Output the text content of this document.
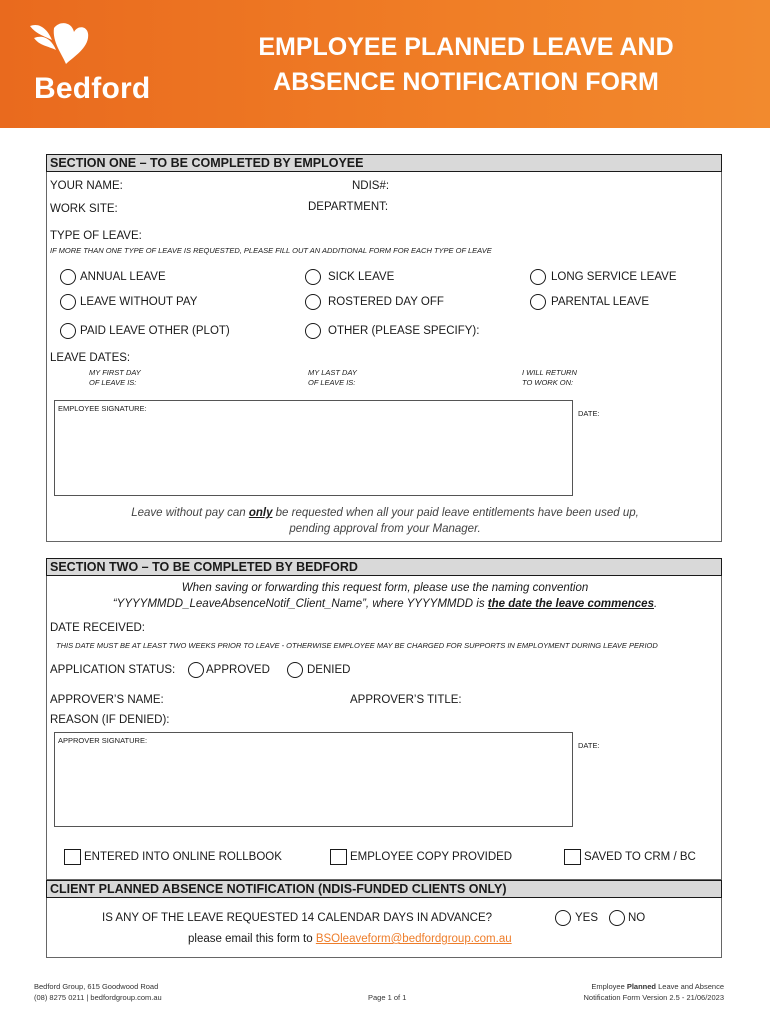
Bedford
EMPLOYEE PLANNED LEAVE AND
ABSENCE NOTIFICATION FORM
SECTION ONE – TO BE COMPLETED BY EMPLOYEE
YOUR NAME:	NDIS#:
WORK SITE:	DEPARTMENT:
TYPE OF LEAVE:
IF MORE THAN ONE TYPE OF LEAVE IS REQUESTED, PLEASE FILL OUT AN ADDITIONAL FORM FOR EACH TYPE OF LEAVE
ANNUAL LEAVE	SICK LEAVE	LONG SERVICE LEAVE
LEAVE WITHOUT PAY	ROSTERED DAY OFF	PARENTAL LEAVE
PAID LEAVE OTHER (PLOT)	OTHER (PLEASE SPECIFY):
LEAVE DATES:
MY FIRST DAY
OF LEAVE IS:
MY LAST DAY
OF LEAVE IS:
I WILL RETURN
TO WORK ON:
EMPLOYEE SIGNATURE:
DATE:
Leave without pay can only be requested when all your paid leave entitlements have been used up,
pending approval from your Manager.
SECTION TWO – TO BE COMPLETED BY BEDFORD
When saving or forwarding this request form, please use the naming convention
“YYYYMMDD_LeaveAbsenceNotif_Client_Name”, where YYYYMMDD is the date the leave commences.
DATE RECEIVED:
THIS DATE MUST BE AT LEAST TWO WEEKS PRIOR TO LEAVE - OTHERWISE EMPLOYEE MAY BE CHARGED FOR SUPPORTS IN EMPLOYMENT DURING LEAVE PERIOD
APPLICATION STATUS:	APPROVED	DENIED
APPROVER’S NAME:	APPROVER’S TITLE:
REASON (IF DENIED):
APPROVER SIGNATURE:
DATE:
ENTERED INTO ONLINE ROLLBOOK	EMPLOYEE COPY PROVIDED	SAVED TO CRM / BC
CLIENT PLANNED ABSENCE NOTIFICATION (NDIS-FUNDED CLIENTS ONLY)
IS ANY OF THE LEAVE REQUESTED 14 CALENDAR DAYS IN ADVANCE?	YES	NO
please email this form to BSOleaveform@bedfordgroup.com.au
Bedford Group, 615 Goodwood Road
(08) 8275 0211 | bedfordgroup.com.au	Page 1 of 1
Employee Planned Leave and Absence
Notification Form Version 2.5 - 21/06/2023
